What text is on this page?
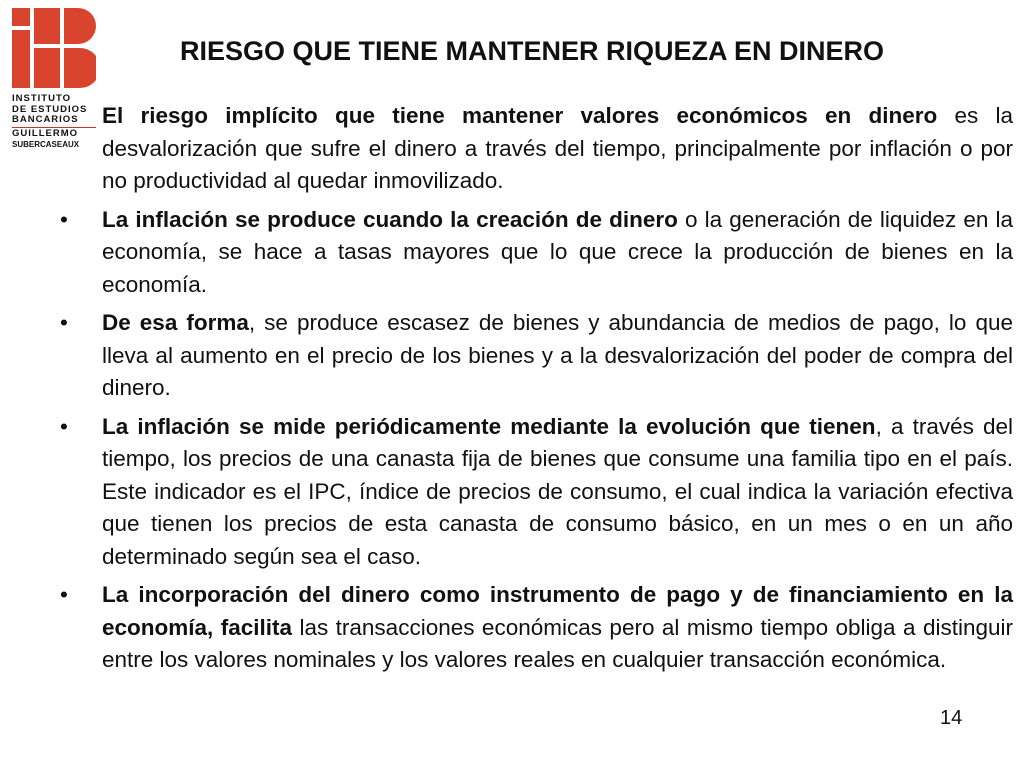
INSTITUTO
DE ESTUDIOS
BANCARIOS
GUILLERMO
SUBERCASEAUX
RIESGO QUE TIENE MANTENER RIQUEZA EN DINERO
El riesgo implícito que tiene mantener valores económicos en dinero es la desvalorización que sufre el dinero a través del tiempo, principalmente por inflación o por no productividad al quedar inmovilizado.
•	La inflación se produce cuando la creación de dinero o la generación de liquidez en la economía, se hace a tasas mayores que lo que crece la producción de bienes en la economía.
•	De esa forma, se produce escasez de bienes y abundancia de medios de pago, lo que lleva al aumento en el precio de los bienes y a la desvalorización del poder de compra del dinero.
•	La inflación se mide periódicamente mediante la evolución que tienen, a través del tiempo, los precios de una canasta fija de bienes que consume una familia tipo en el país. Este indicador es el IPC, índice de precios de consumo, el cual indica la variación efectiva que tienen los precios de esta canasta de consumo básico, en un mes o en un año determinado según sea el caso.
•	La incorporación del dinero como instrumento de pago y de financiamiento en la economía, facilita las transacciones económicas pero al mismo tiempo obliga a distinguir entre los valores nominales y los valores reales en cualquier transacción económica.
14
